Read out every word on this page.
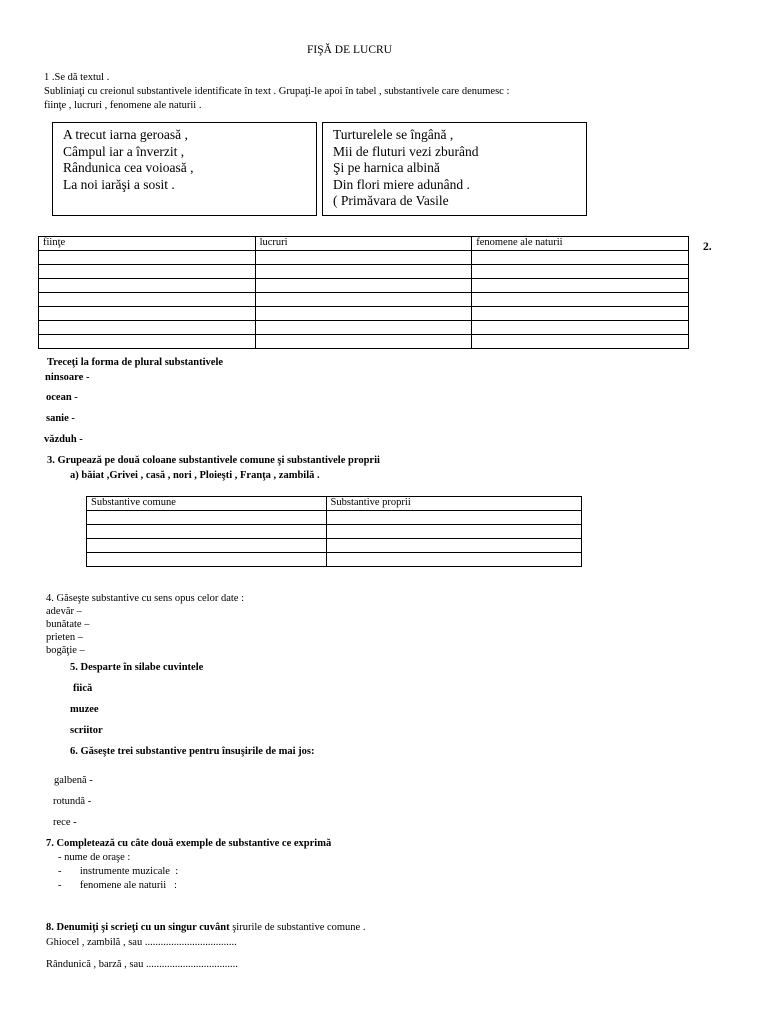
FIŞĂ DE LUCRU
1 .Se dă textul .
Subliniaţi cu creionul substantivele identificate în text . Grupaţi-le apoi în tabel , substantivele care denumesc :
fiinţe , lucruri , fenomene ale naturii .
A trecut iarna geroasă ,
Câmpul iar a înverzit ,
Rândunica cea voioasă ,
La noi iarăşi a sosit .
Turturelele se îngână ,
Mii de fluturi vezi zburând
Şi pe harnica albină
Din flori miere adunând .
( Primăvara de Vasile
fiinţe	lucruri	fenomene ale naturii

			2.
Treceţi la forma de plural substantivele
ninsoare -
ocean -
sanie -
văzduh -
3. Grupează pe două coloane substantivele comune şi substantivele proprii
a) băiat ,Grivei , casă , nori , Ploieşti , Franţa , zambilă .
Substantive comune	Substantive proprii

4. Găseşte substantive cu sens opus celor date :
adevăr –
bunătate –
prieten –
bogăţie –
5. Desparte în silabe cuvintele
fiică
muzee
scriitor
6. Găseşte trei substantive pentru însuşirile de mai jos:
galbenă -
rotundă -
rece -
7. Completează cu câte două exemple de substantive ce exprimă
- nume de oraşe :
-       instrumente muzicale  :
-       fenomene ale naturii   :
8. Denumiţi şi scrieţi cu un singur cuvânt şirurile de substantive comune .
Ghiocel , zambilă , sau ...................................
Rândunică , barză , sau ...................................
